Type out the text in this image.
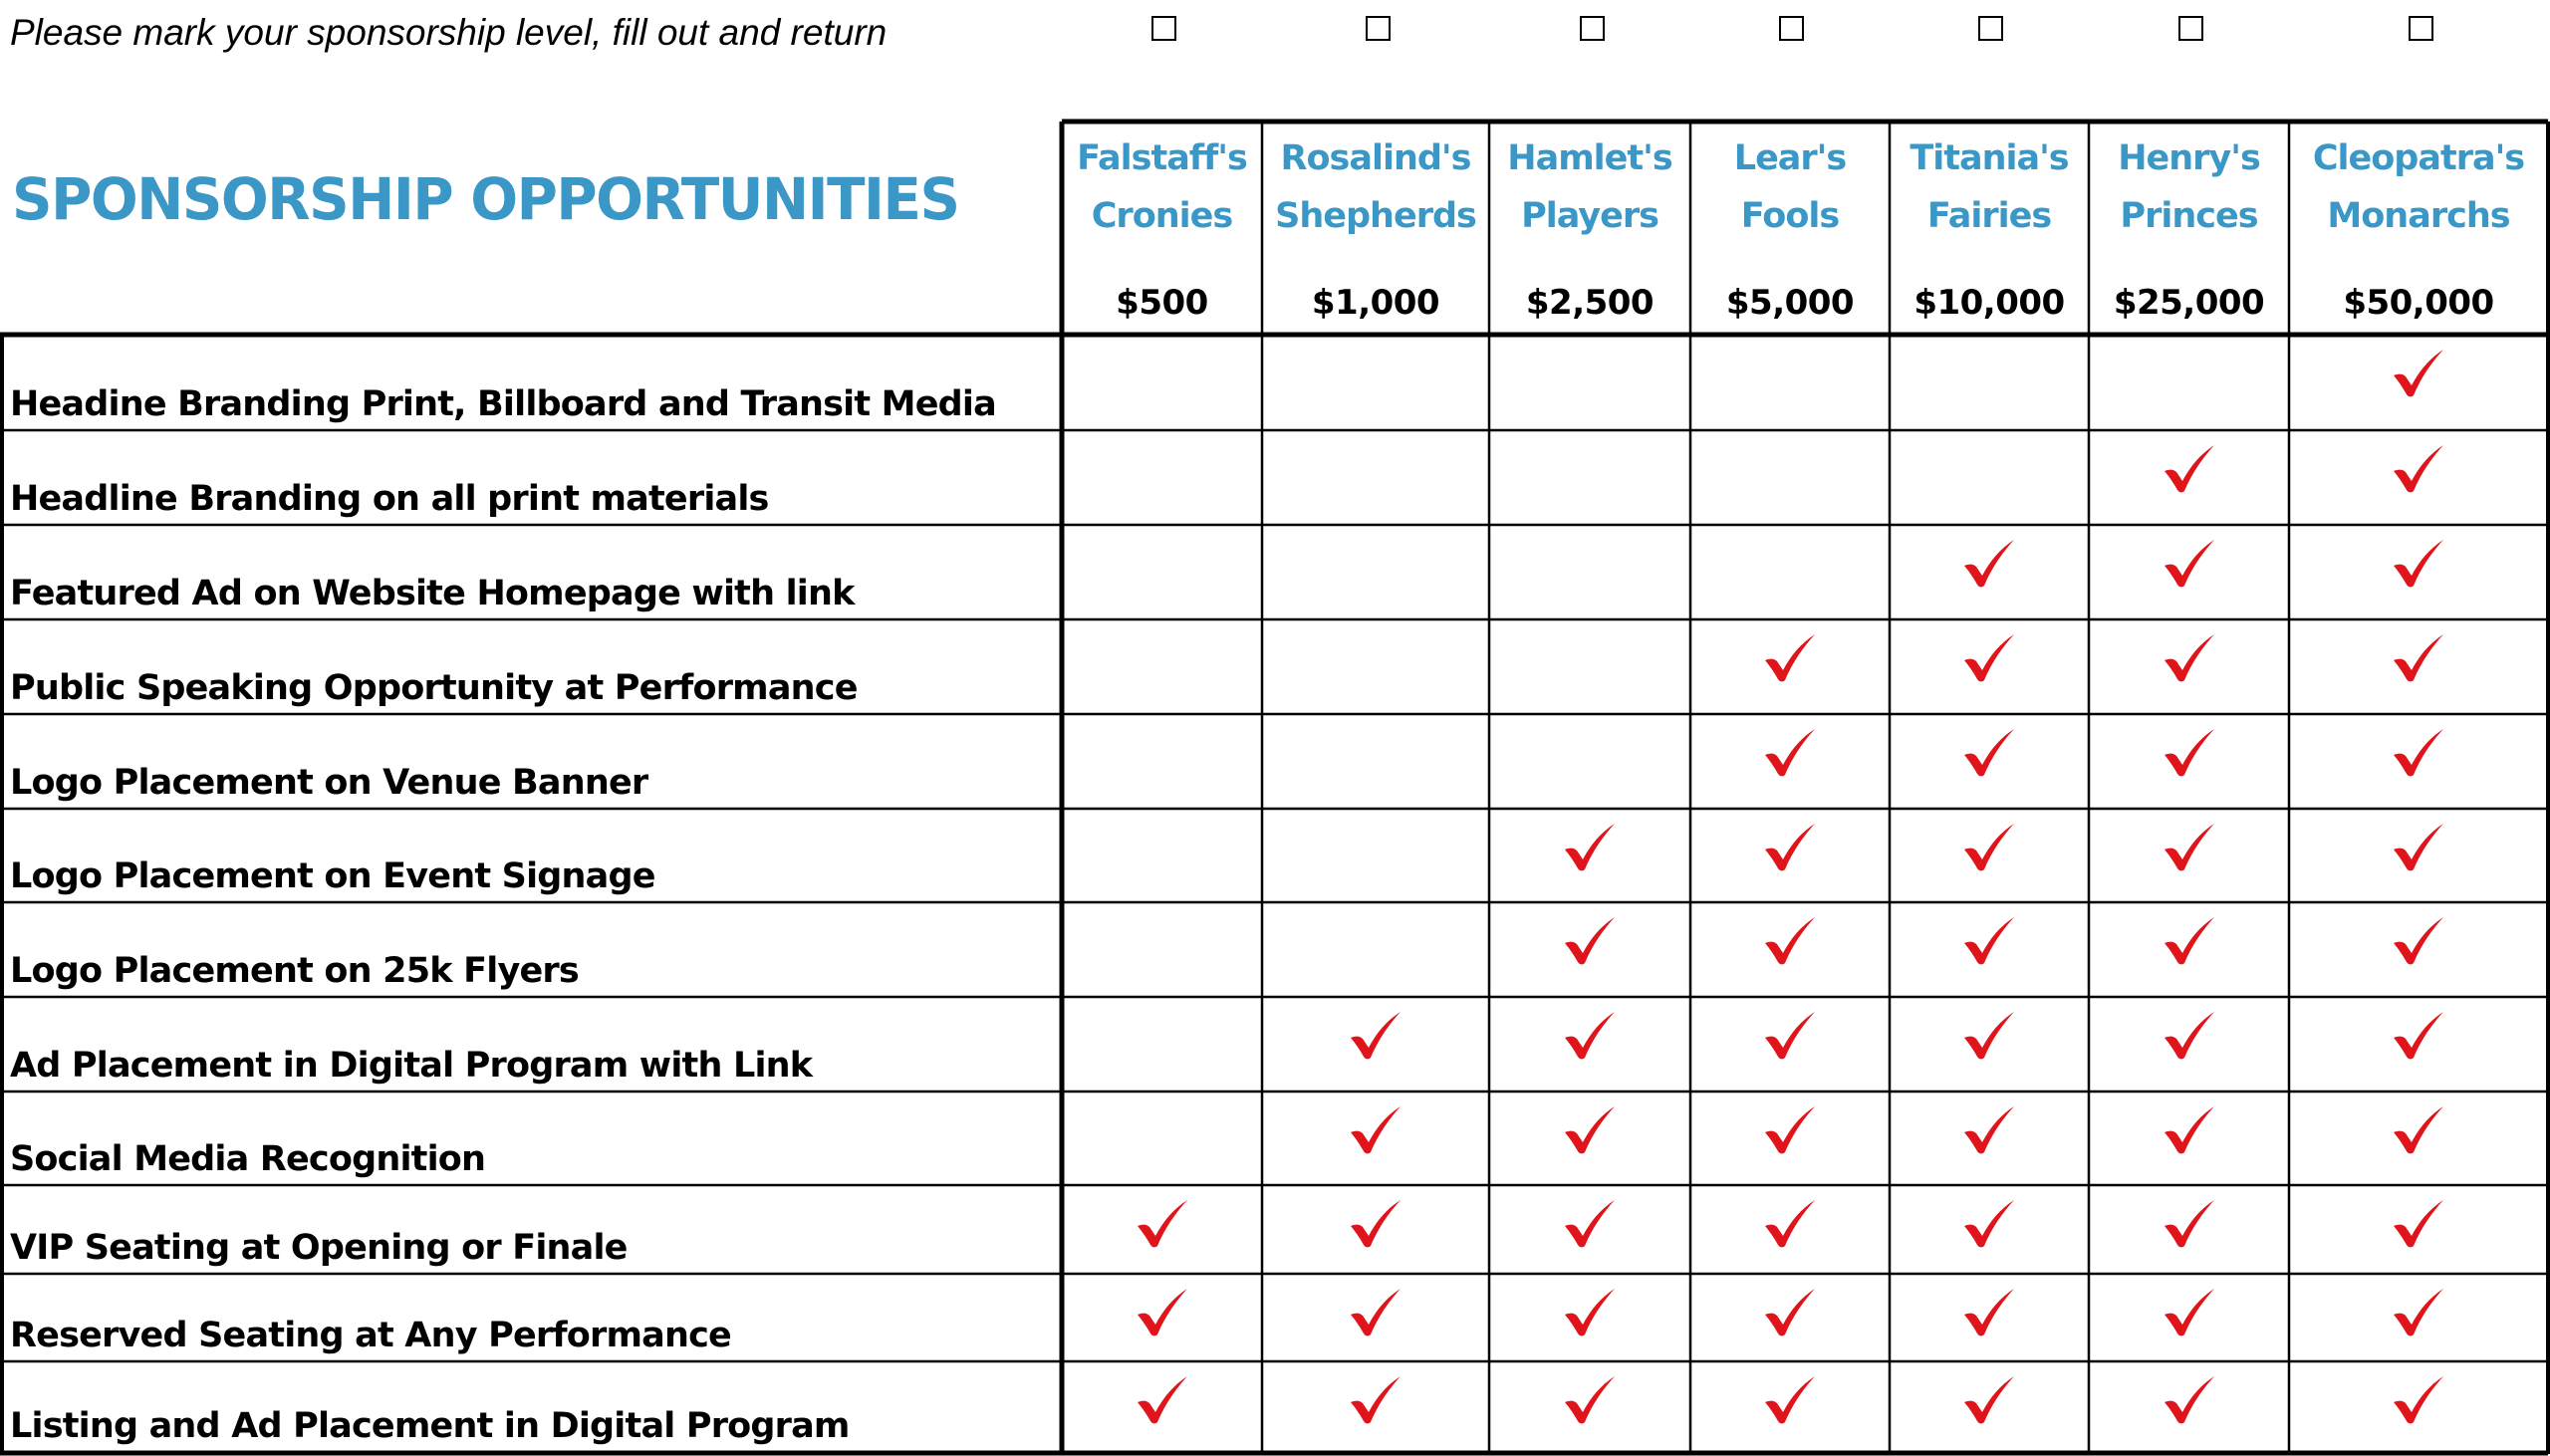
Please mark your sponsorship level, fill out and return
SPONSORSHIP OPPORTUNITIES
Falstaff's
Cronies
$500
Rosalind's
Shepherds
$1,000
Hamlet's
Players
$2,500
Lear's
Fools
$5,000
Titania's
Fairies
$10,000
Henry's
Princes
$25,000
Cleopatra's
Monarchs
$50,000
Headine Branding Print, Billboard and Transit Media
Headline Branding on all print materials
Featured Ad on Website Homepage with link
Public Speaking Opportunity at Performance
Logo Placement on Venue Banner
Logo Placement on Event Signage
Logo Placement on 25k Flyers
Ad Placement in Digital Program with Link
Social Media Recognition
VIP Seating at Opening or Finale
Reserved Seating at Any Performance
Listing and Ad Placement in Digital Program
